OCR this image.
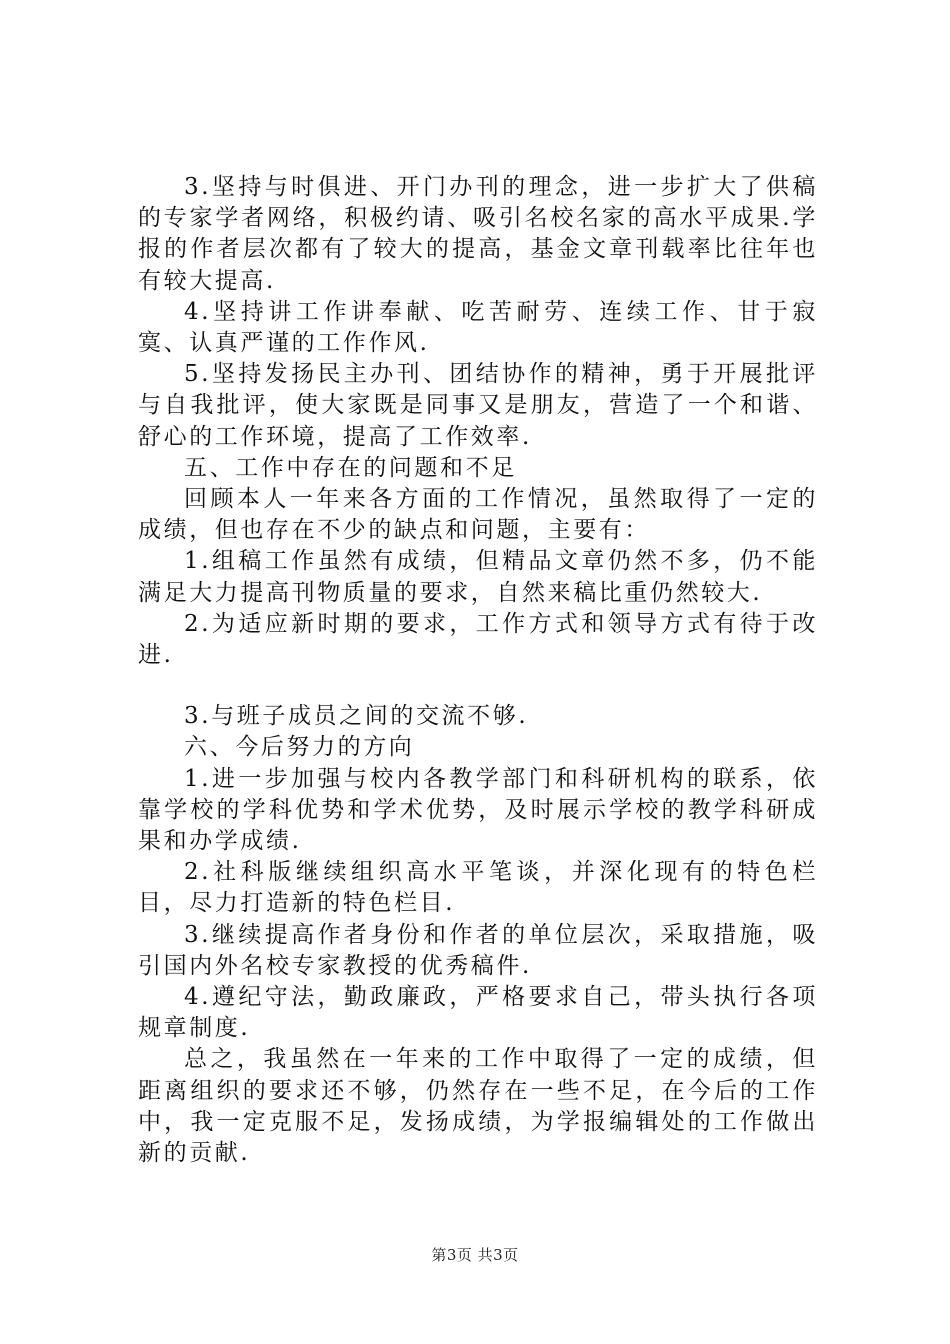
3.坚持与时俱进、开门办刊的理念，进一步扩大了供稿的专家学者网络，积极约请、吸引名校名家的高水平成果.学报的作者层次都有了较大的提高，基金文章刊载率比往年也有较大提高.

4.坚持讲工作讲奉献、吃苦耐劳、连续工作、甘于寂寞、认真严谨的工作作风.

5.坚持发扬民主办刊、团结协作的精神，勇于开展批评与自我批评，使大家既是同事又是朋友，营造了一个和谐、舒心的工作环境，提高了工作效率.

五、工作中存在的问题和不足

回顾本人一年来各方面的工作情况，虽然取得了一定的成绩，但也存在不少的缺点和问题，主要有：

1.组稿工作虽然有成绩，但精品文章仍然不多，仍不能满足大力提高刊物质量的要求，自然来稿比重仍然较大.

2.为适应新时期的要求，工作方式和领导方式有待于改进.

3.与班子成员之间的交流不够.

六、今后努力的方向

1.进一步加强与校内各教学部门和科研机构的联系，依靠学校的学科优势和学术优势，及时展示学校的教学科研成果和办学成绩.

2.社科版继续组织高水平笔谈，并深化现有的特色栏目，尽力打造新的特色栏目.

3.继续提高作者身份和作者的单位层次，采取措施，吸引国内外名校专家教授的优秀稿件.

4.遵纪守法，勤政廉政，严格要求自己，带头执行各项规章制度.

总之，我虽然在一年来的工作中取得了一定的成绩，但距离组织的要求还不够，仍然存在一些不足，在今后的工作中，我一定克服不足，发扬成绩，为学报编辑处的工作做出新的贡献.

第3页 共3页
